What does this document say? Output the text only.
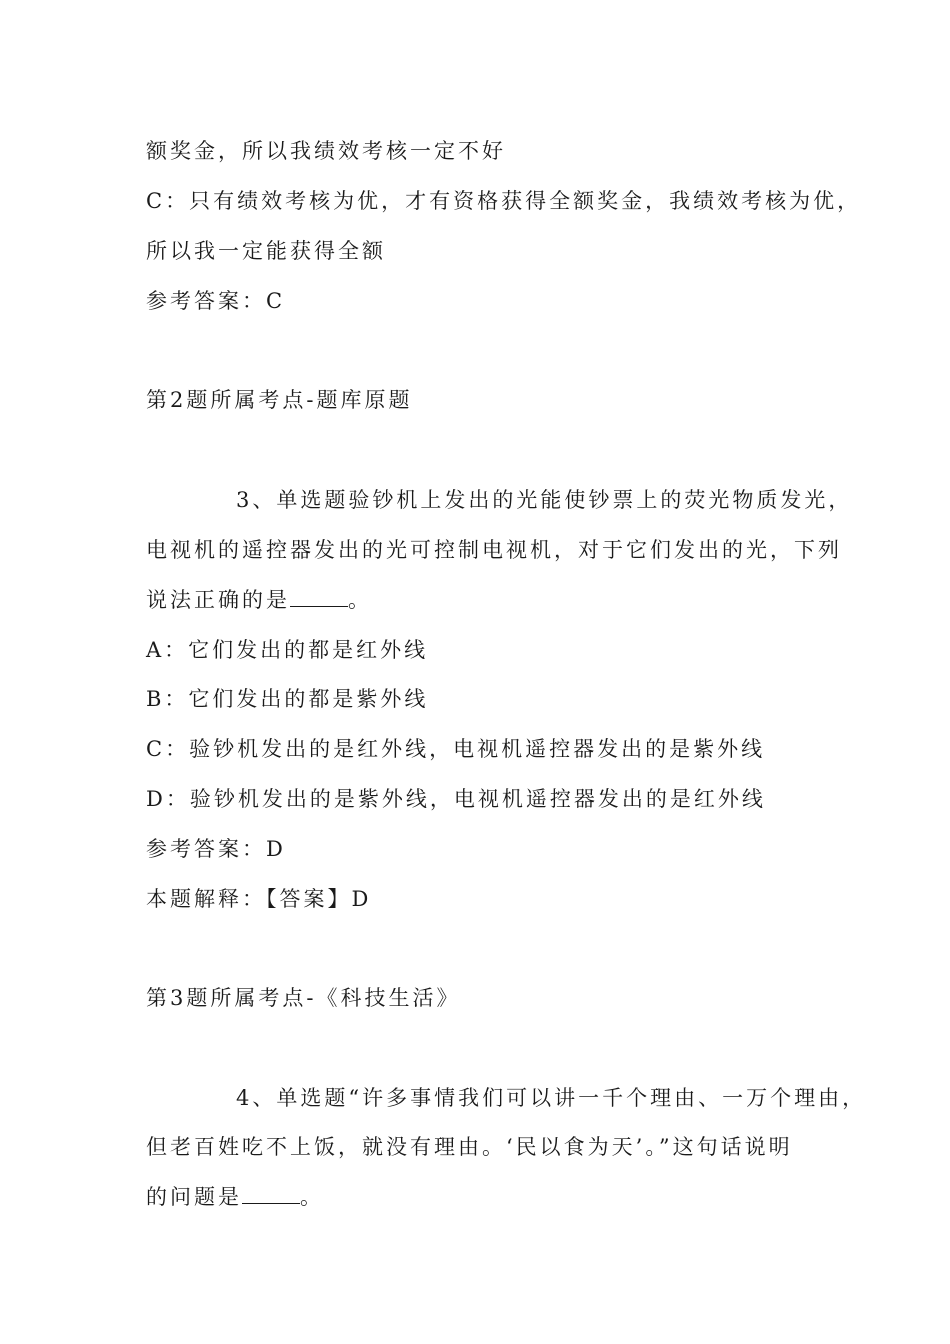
额奖金，所以我绩效考核一定不好
C：只有绩效考核为优，才有资格获得全额奖金，我绩效考核为优，
所以我一定能获得全额
参考答案：C
第2题所属考点-题库原题
3、单选题验钞机上发出的光能使钞票上的荧光物质发光，
电视机的遥控器发出的光可控制电视机，对于它们发出的光，下列
说法正确的是	。
A：它们发出的都是红外线
B：它们发出的都是紫外线
C：验钞机发出的是红外线，电视机遥控器发出的是紫外线
D：验钞机发出的是紫外线，电视机遥控器发出的是红外线
参考答案：D
本题解释：【答案】D
第3题所属考点-《科技生活》
4、单选题“许多事情我们可以讲一千个理由、一万个理由，
但老百姓吃不上饭，就没有理由。‘民以食为天’。”这句话说明
的问题是	。
